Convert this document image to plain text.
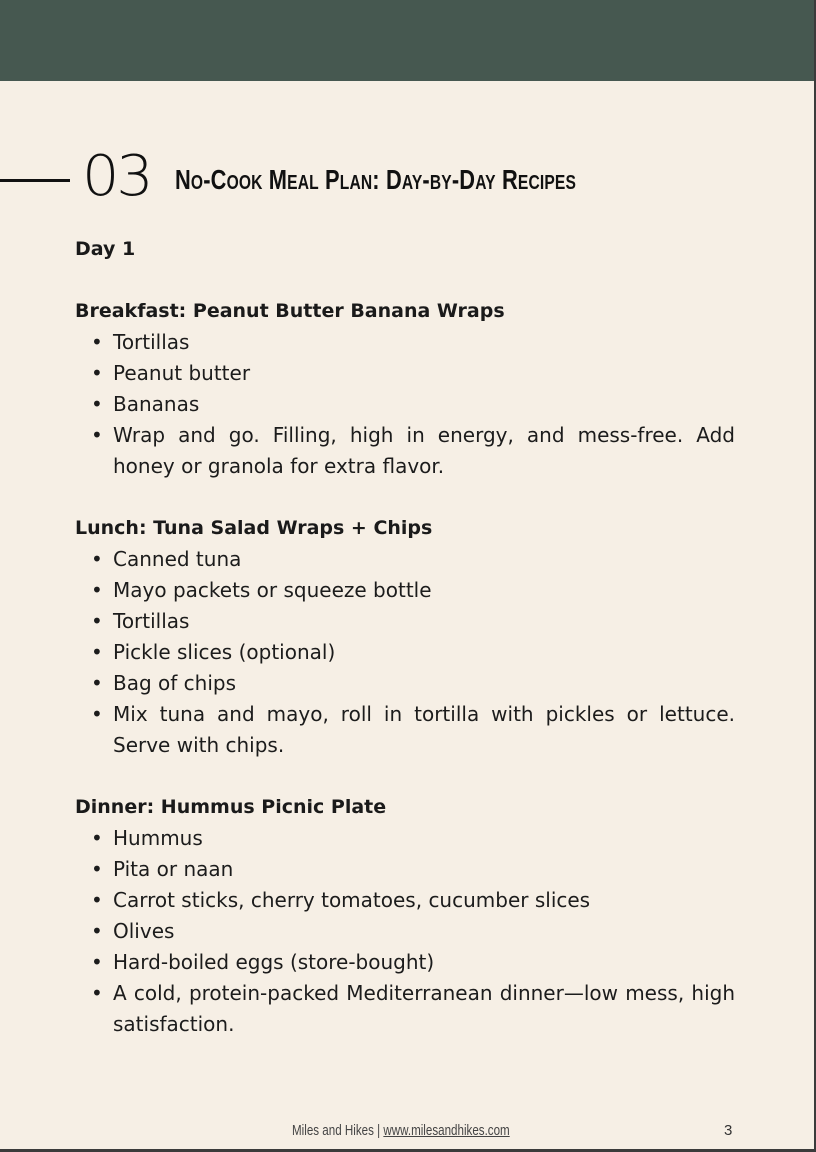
03 No-Cook Meal Plan: Day-by-Day Recipes
Day 1
Breakfast: Peanut Butter Banana Wraps
• Tortillas
• Peanut butter
• Bananas
• Wrap and go. Filling, high in energy, and mess-free. Add honey or granola for extra flavor.
Lunch: Tuna Salad Wraps + Chips
• Canned tuna
• Mayo packets or squeeze bottle
• Tortillas
• Pickle slices (optional)
• Bag of chips
• Mix tuna and mayo, roll in tortilla with pickles or lettuce. Serve with chips.
Dinner: Hummus Picnic Plate
• Hummus
• Pita or naan
• Carrot sticks, cherry tomatoes, cucumber slices
• Olives
• Hard-boiled eggs (store-bought)
• A cold, protein-packed Mediterranean dinner—low mess, high satisfaction.
Miles and Hikes | www.milesandhikes.com	3
